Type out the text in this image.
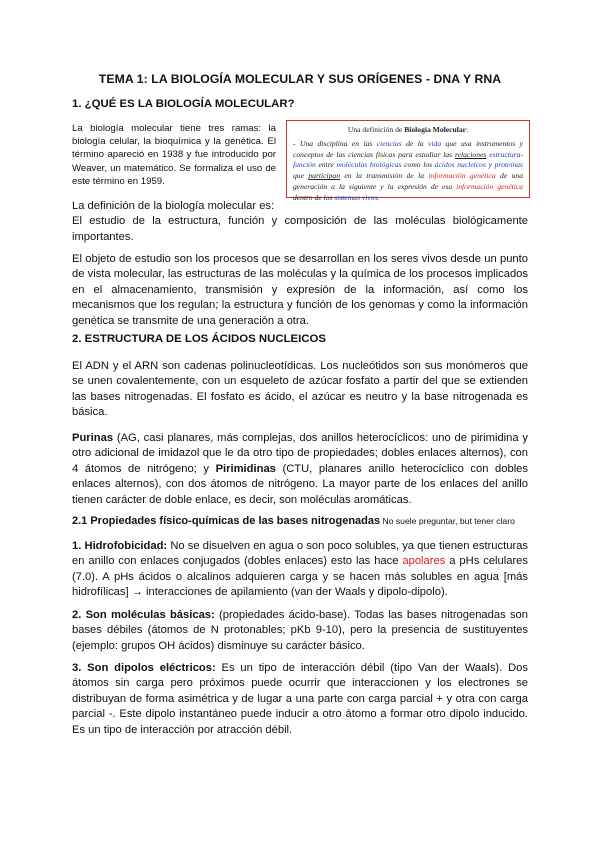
TEMA 1: LA BIOLOGÍA MOLECULAR Y SUS ORÍGENES - DNA Y RNA
1. ¿QUÉ ES LA BIOLOGÍA MOLECULAR?
La biología molecular tiene tres ramas: la biología celular, la bioquímica y la genética. El término apareció en 1938 y fue introducido por Weaver, un matemático. Se formaliza el uso de este término en 1959.
Una definición de Biología Molecular:
- Una disciplina en las ciencias de la vida que usa instrumentos y conceptos de las ciencias físicas para estudiar las relaciones estructura-función entre moléculas biológicas como los ácidos nucleicos y proteínas que participan en la transmisión de la información genética de una generación a la siguiente y la expresión de esa información genética dentro de los sistemas vivos.
La definición de la biología molecular es:
El estudio de la estructura, función y composición de las moléculas biológicamente importantes.
El objeto de estudio son los procesos que se desarrollan en los seres vivos desde un punto de vista molecular, las estructuras de las moléculas y la química de los procesos implicados en el almacenamiento, transmisión y expresión de la información, así como los mecanismos que los regulan; la estructura y función de los genomas y como la información genética se transmite de una generación a otra.
2. ESTRUCTURA DE LOS ÁCIDOS NUCLEICOS
El ADN y el ARN son cadenas polinucleotídicas. Los nucleótidos son sus monómeros que se unen covalentemente, con un esqueleto de azúcar fosfato a partir del que se extienden las bases nitrogenadas. El fosfato es ácido, el azúcar es neutro y la base nitrogenada es básica.
Purinas (AG, casi planares, más complejas, dos anillos heterocíclicos: uno de pirimidina y otro adicional de imidazol que le da otro tipo de propiedades; dobles enlaces alternos), con 4 átomos de nitrógeno; y Pirimidinas (CTU, planares anillo heterocíclico con dobles enlaces alternos), con dos átomos de nitrógeno. La mayor parte de los enlaces del anillo tienen carácter de doble enlace, es decir, son moléculas aromáticas.
2.1 Propiedades físico-químicas de las bases nitrogenadas No suele preguntar, but tener claro
1. Hidrofobicidad: No se disuelven en agua o son poco solubles, ya que tienen estructuras en anillo con enlaces conjugados (dobles enlaces) esto las hace apolares a pHs celulares (7.0). A pHs ácidos o alcalinos adquieren carga y se hacen más solubles en agua [más hidrofílicas] → interacciones de apilamiento (van der Waals y dipolo-dipolo).
2. Son moléculas básicas: (propiedades ácido-base). Todas las bases nitrogenadas son bases débiles (átomos de N protonables; pKb 9-10), pero la presencia de sustituyentes (ejemplo: grupos OH ácidos) disminuye su carácter básico.
3. Son dipolos eléctricos: Es un tipo de interacción débil (tipo Van der Waals). Dos átomos sin carga pero próximos puede ocurrir que interaccionen y los electrones se distribuyan de forma asimétrica y de lugar a una parte con carga parcial + y otra con carga parcial -. Este dipolo instantáneo puede inducir a otro átomo a formar otro dipolo inducido. Es un tipo de interacción por atracción débil.
